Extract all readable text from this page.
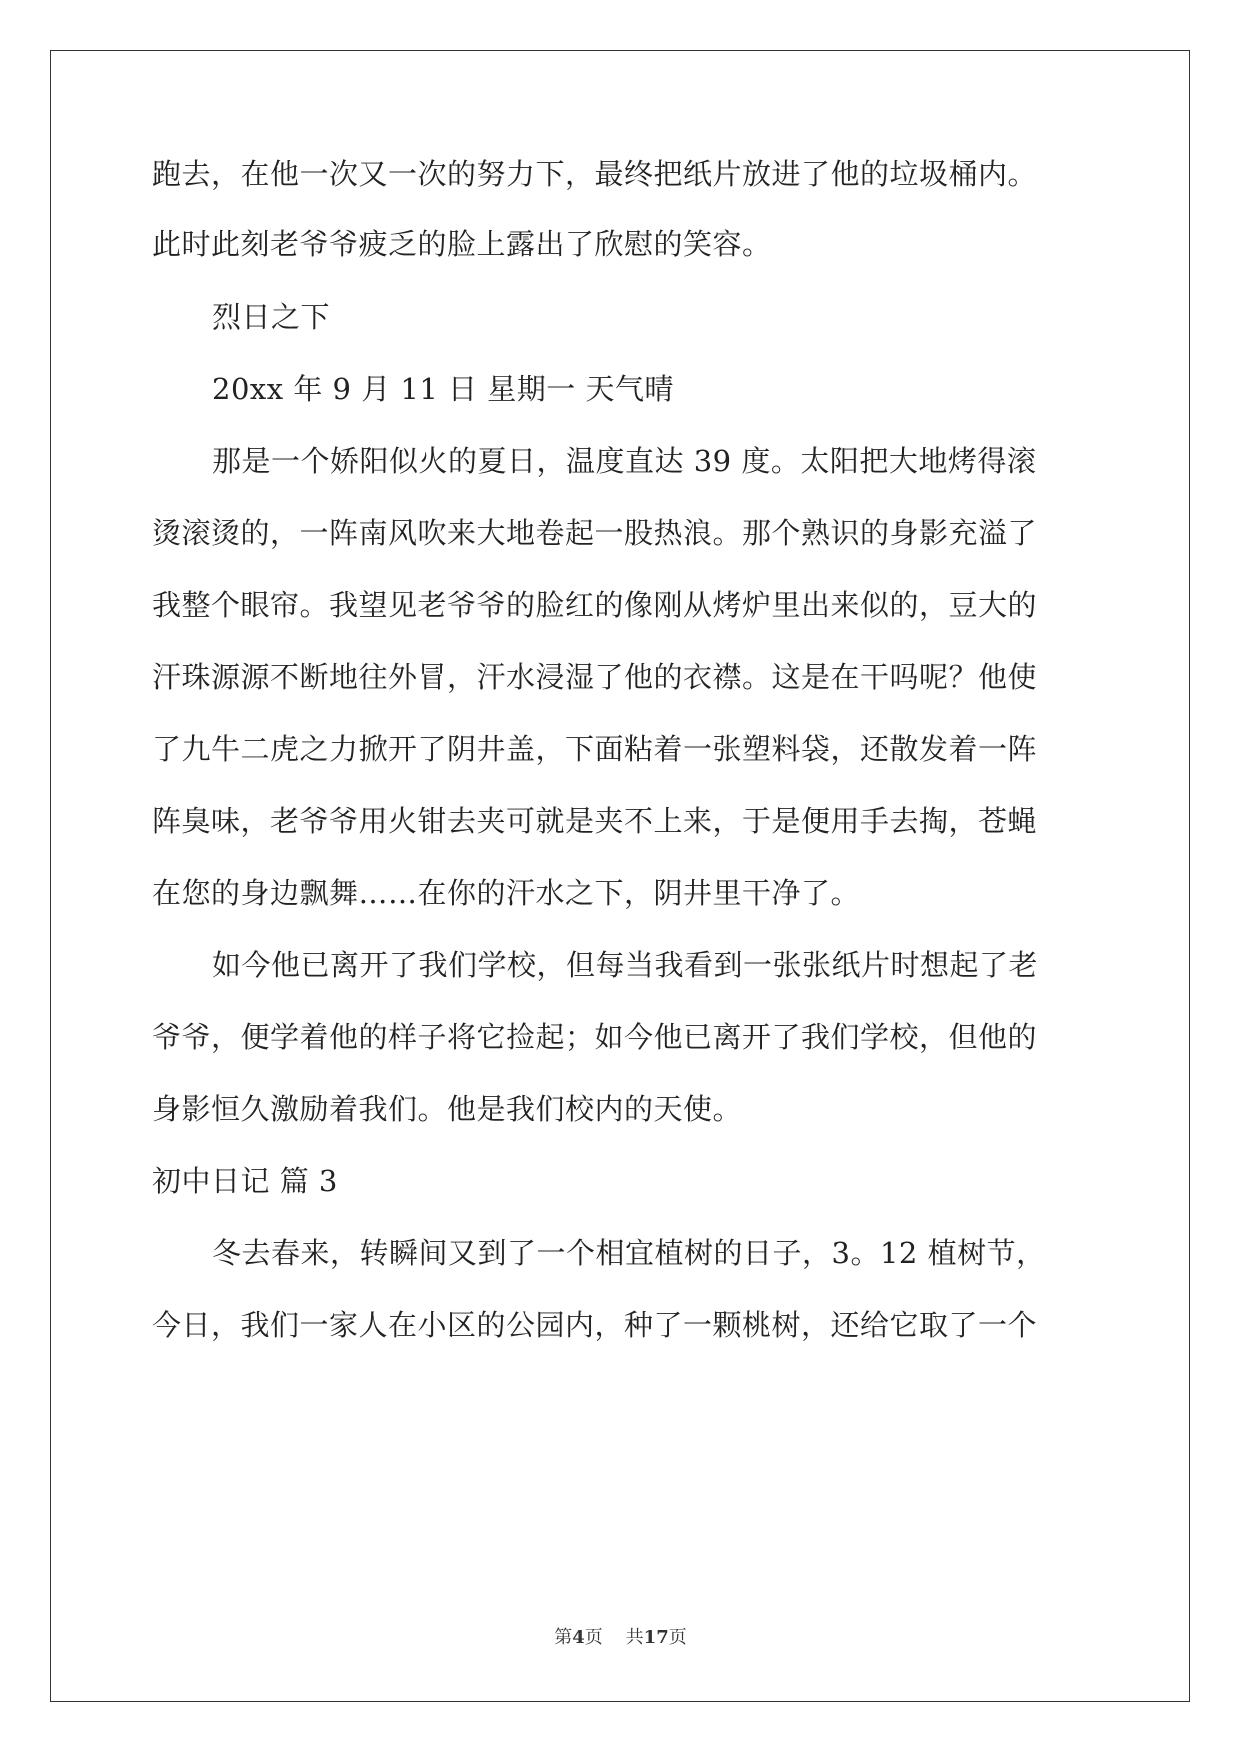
跑去，在他一次又一次的努力下，最终把纸片放进了他的垃圾桶内。
此时此刻老爷爷疲乏的脸上露出了欣慰的笑容。
烈日之下
20xx 年 9 月 11 日 星期一 天气晴
那是一个娇阳似火的夏日，温度直达 39 度。太阳把大地烤得滚
烫滚烫的，一阵南风吹来大地卷起一股热浪。那个熟识的身影充溢了
我整个眼帘。我望见老爷爷的脸红的像刚从烤炉里出来似的，豆大的
汗珠源源不断地往外冒，汗水浸湿了他的衣襟。这是在干吗呢？他使
了九牛二虎之力掀开了阴井盖，下面粘着一张塑料袋，还散发着一阵
阵臭味，老爷爷用火钳去夹可就是夹不上来，于是便用手去掏，苍蝇
在您的身边飘舞……在你的汗水之下，阴井里干净了。
如今他已离开了我们学校，但每当我看到一张张纸片时想起了老
爷爷，便学着他的样子将它捡起；如今他已离开了我们学校，但他的
身影恒久激励着我们。他是我们校内的天使。
初中日记 篇 3
冬去春来，转瞬间又到了一个相宜植树的日子，3。12 植树节，
今日，我们一家人在小区的公园内，种了一颗桃树，还给它取了一个
第4页    共17页
